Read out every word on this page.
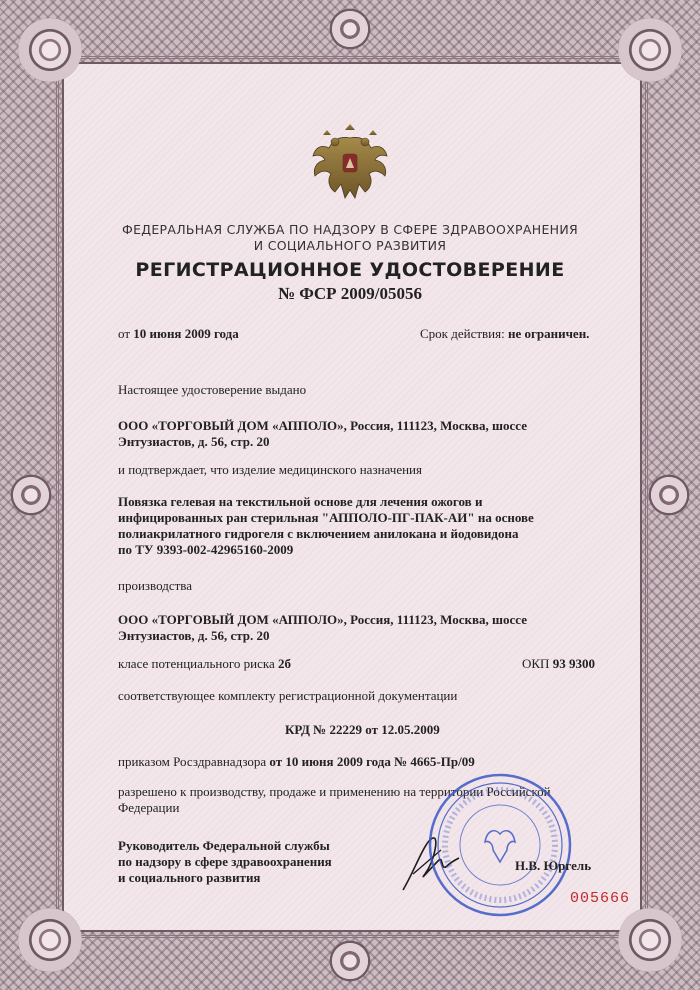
ФЕДЕРАЛЬНАЯ СЛУЖБА ПО НАДЗОРУ В СФЕРЕ ЗДРАВООХРАНЕНИЯ
И СОЦИАЛЬНОГО РАЗВИТИЯ
РЕГИСТРАЦИОННОЕ УДОСТОВЕРЕНИЕ
№ ФСР 2009/05056
от 10 июня 2009 года	Срок действия: не ограничен.
Настоящее удостоверение выдано
ООО «ТОРГОВЫЙ ДОМ «АППОЛО», Россия, 111123, Москва, шоссе
Энтузиастов, д. 56, стр. 20
и подтверждает, что изделие медицинского назначения
Повязка гелевая на текстильной основе для лечения ожогов и
инфицированных ран стерильная "АППОЛО-ПГ-ПАК-АИ" на основе
полиакрилатного гидрогеля с включением анилокана и йодовидона
по ТУ 9393-002-42965160-2009
производства
ООО «ТОРГОВЫЙ ДОМ «АППОЛО», Россия, 111123, Москва, шоссе
Энтузиастов, д. 56, стр. 20
класе потенциального риска 2б	ОКП 93 9300
соответствующее комплекту регистрационной документации
КРД № 22229 от 12.05.2009
приказом Росздравнадзора от 10 июня 2009 года № 4665-Пр/09
разрешено к производству, продаже и применению на территории Российской
Федерации
Руководитель Федеральной службы
по надзору в сфере здравоохранения
и социального развития
Н.В. Юргель
005666
